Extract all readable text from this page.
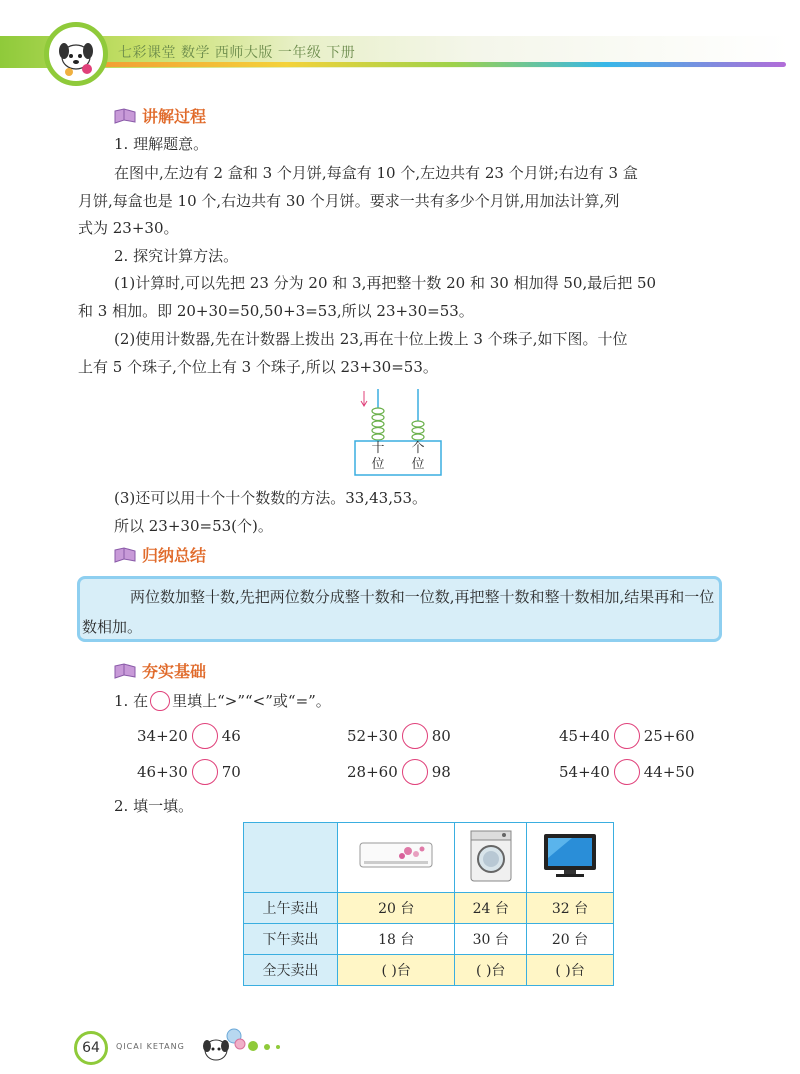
七彩课堂 数学 西师大版 一年级 下册
讲解过程
1. 理解题意。
在图中,左边有 2 盒和 3 个月饼,每盒有 10 个,左边共有 23 个月饼;右边有 3 盒
月饼,每盒也是 10 个,右边共有 30 个月饼。要求一共有多少个月饼,用加法计算,列
式为 23+30。
2. 探究计算方法。
(1)计算时,可以先把 23 分为 20 和 3,再把整十数 20 和 30 相加得 50,最后把 50
和 3 相加。即 20+30=50,50+3=53,所以 23+30=53。
(2)使用计数器,先在计数器上拨出 23,再在十位上拨上 3 个珠子,如下图。十位
上有 5 个珠子,个位上有 3 个珠子,所以 23+30=53。
十
位
个
位
(3)还可以用十个十个数数的方法。33,43,53。
所以 23+30=53(个)。
归纳总结
两位数加整十数,先把两位数分成整十数和一位数,再把整十数和整十数相加,结果再和一位数相加。
夯实基础
1. 在 里填上“>”“<”或“=”。
34+20 46	52+30 80	45+40 25+60
46+30 70	28+60 98	54+40 44+50
2. 填一填。

上午卖出	20 台	24 台	32 台
下午卖出	18 台	30 台	20 台
全天卖出	( )台	( )台	( )台
64	QICAI KETANG
